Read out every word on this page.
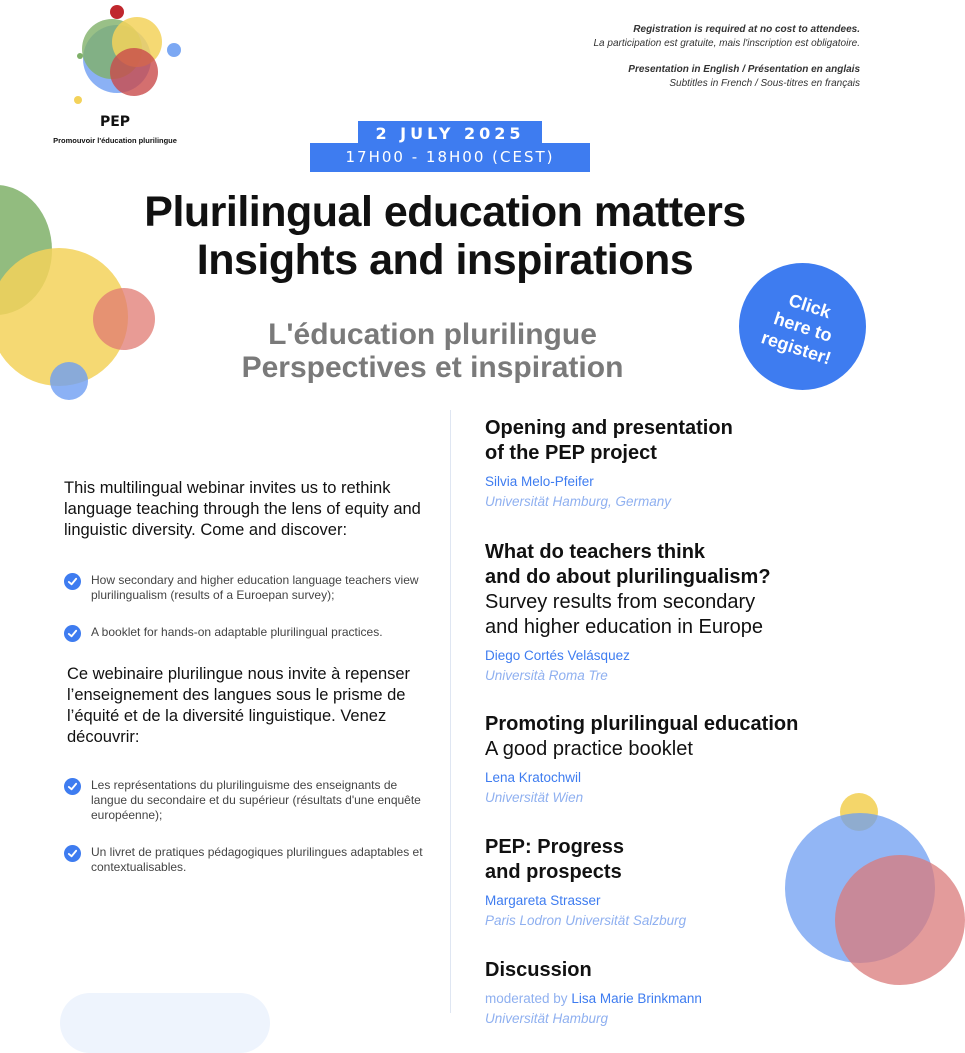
PEP
Promouvoir l'éducation plurilingue
Registration is required at no cost to attendees.
La participation est gratuite, mais l'inscription est obligatoire.
Presentation in English / Présentation en anglais
Subtitles in French / Sous-titres en français
2 JULY 2025
17H00 - 18H00 (CEST)
Plurilingual education matters
Insights and inspirations
L'éducation plurilingue
Perspectives et inspiration
Click here to register!
This multilingual webinar invites us to rethink language teaching through the lens of equity and linguistic diversity. Come and discover:
How secondary and higher education language teachers view plurilingualism (results of a Euroepan survey);
A booklet for hands-on adaptable plurilingual practices.
Ce webinaire plurilingue nous invite à repenser l’enseignement des langues sous le prisme de l’équité et de la diversité linguistique. Venez découvrir:
Les représentations du plurilinguisme des enseignants de langue du secondaire et du supérieur (résultats d'une enquête européenne);
Un livret de pratiques pédagogiques plurilingues adaptables et contextualisables.
Opening and presentation
of the PEP project
Silvia Melo-Pfeifer
Universität Hamburg, Germany
What do teachers think
and do about plurilingualism?
Survey results from secondary
and higher education in Europe
Diego Cortés Velásquez
Università Roma Tre
Promoting plurilingual education
A good practice booklet
Lena Kratochwil
Universität Wien
PEP: Progress
and prospects
Margareta Strasser
Paris Lodron Universität Salzburg
Discussion
moderated by Lisa Marie Brinkmann
Universität Hamburg
